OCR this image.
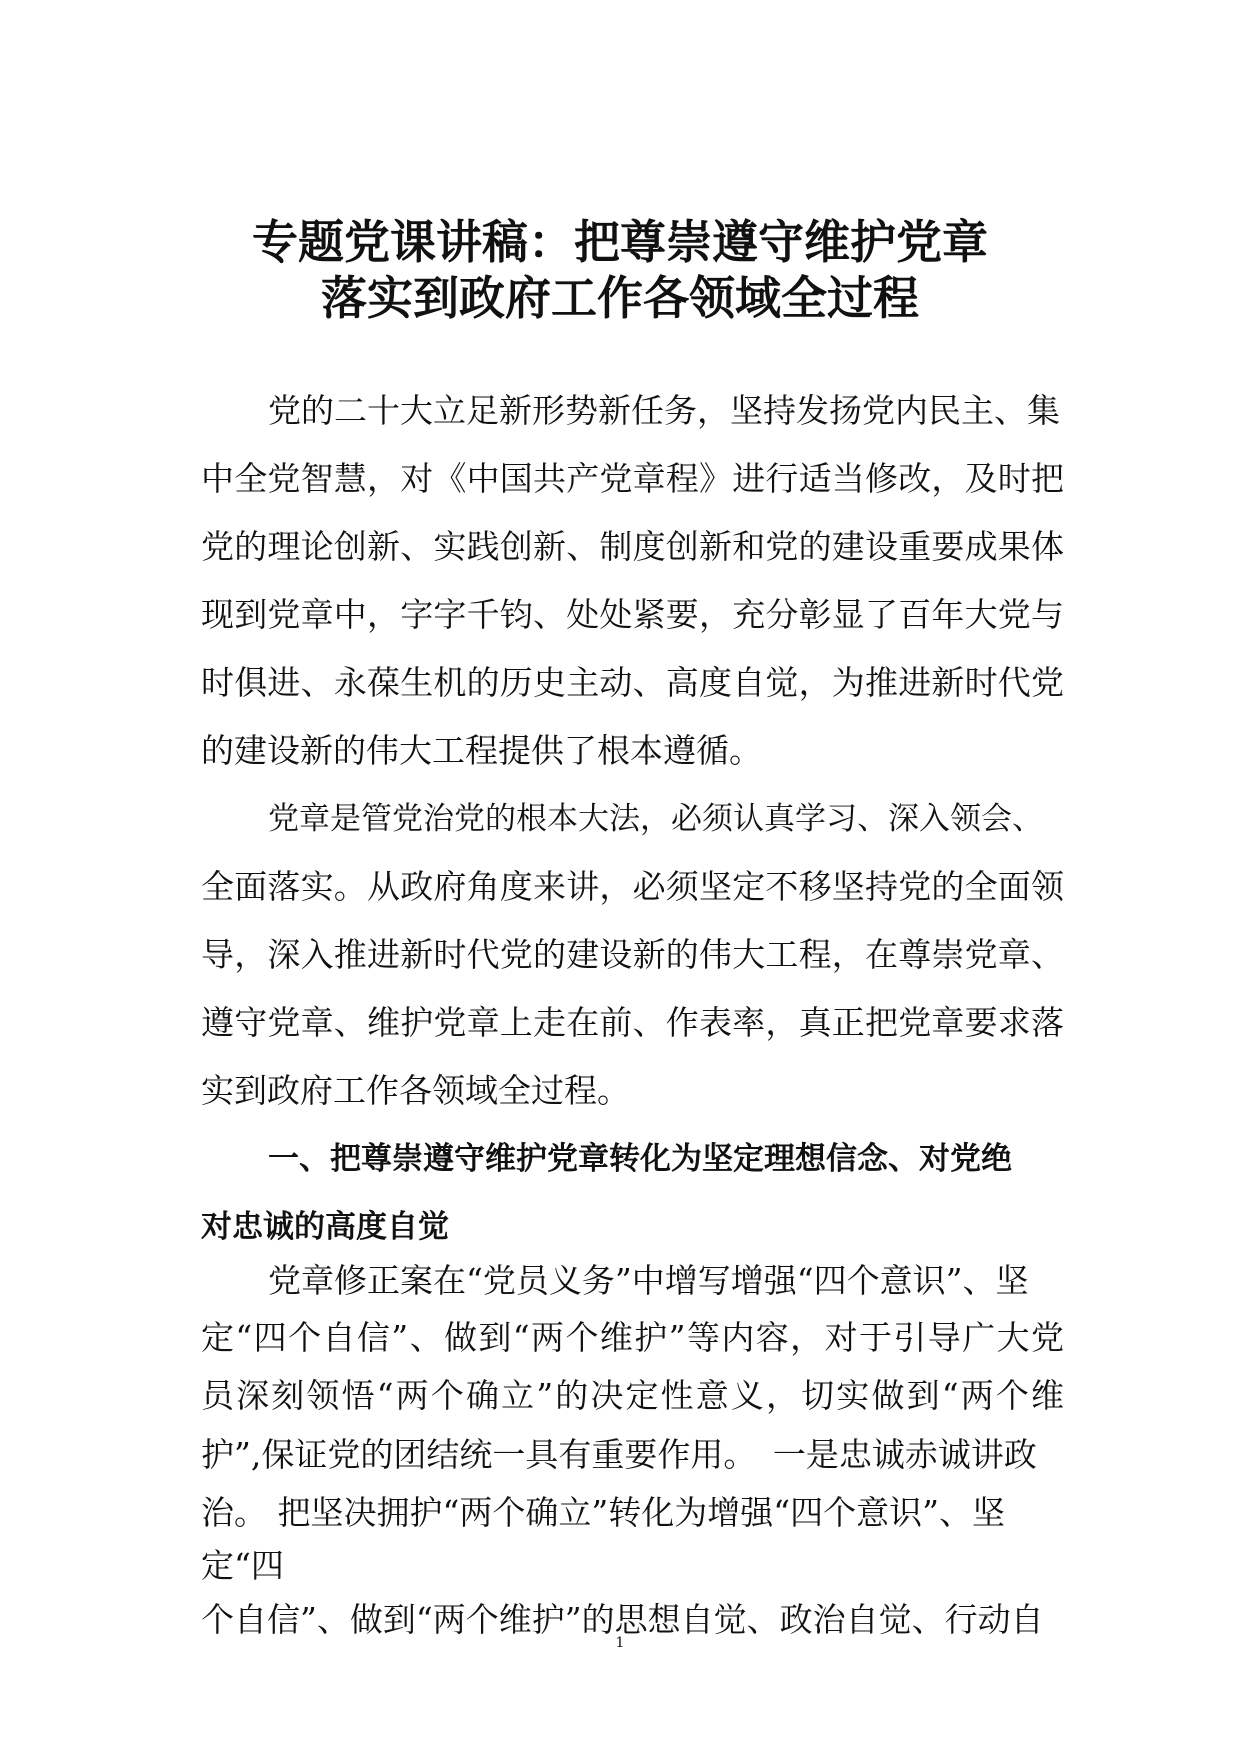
专题党课讲稿：把尊崇遵守维护党章
落实到政府工作各领域全过程
党的二十大立足新形势新任务，坚持发扬党内民主、集
中全党智慧，对《中国共产党章程》进行适当修改，及时把
党的理论创新、实践创新、制度创新和党的建设重要成果体
现到党章中，字字千钧、处处紧要，充分彰显了百年大党与
时俱进、永葆生机的历史主动、高度自觉，为推进新时代党
的建设新的伟大工程提供了根本遵循。
党章是管党治党的根本大法，必须认真学习、深入领会、
全面落实。从政府角度来讲，必须坚定不移坚持党的全面领
导，深入推进新时代党的建设新的伟大工程，在尊崇党章、
遵守党章、维护党章上走在前、作表率，真正把党章要求落
实到政府工作各领域全过程。
一、把尊崇遵守维护党章转化为坚定理想信念、对党绝
对忠诚的高度自觉
党章修正案在“党员义务”中增写增强“四个意识”、坚
定“四个自信”、做到“两个维护”等内容，对于引导广大党
员深刻领悟“两个确立”的决定性意义，切实做到“两个维
护”,保证党的团结统一具有重要作用。　一是忠诚赤诚讲政
治。 把坚决拥护“两个确立”转化为增强“四个意识”、坚
定“四
个自信”、做到“两个维护”的思想自觉、政治自觉、行动自
1
